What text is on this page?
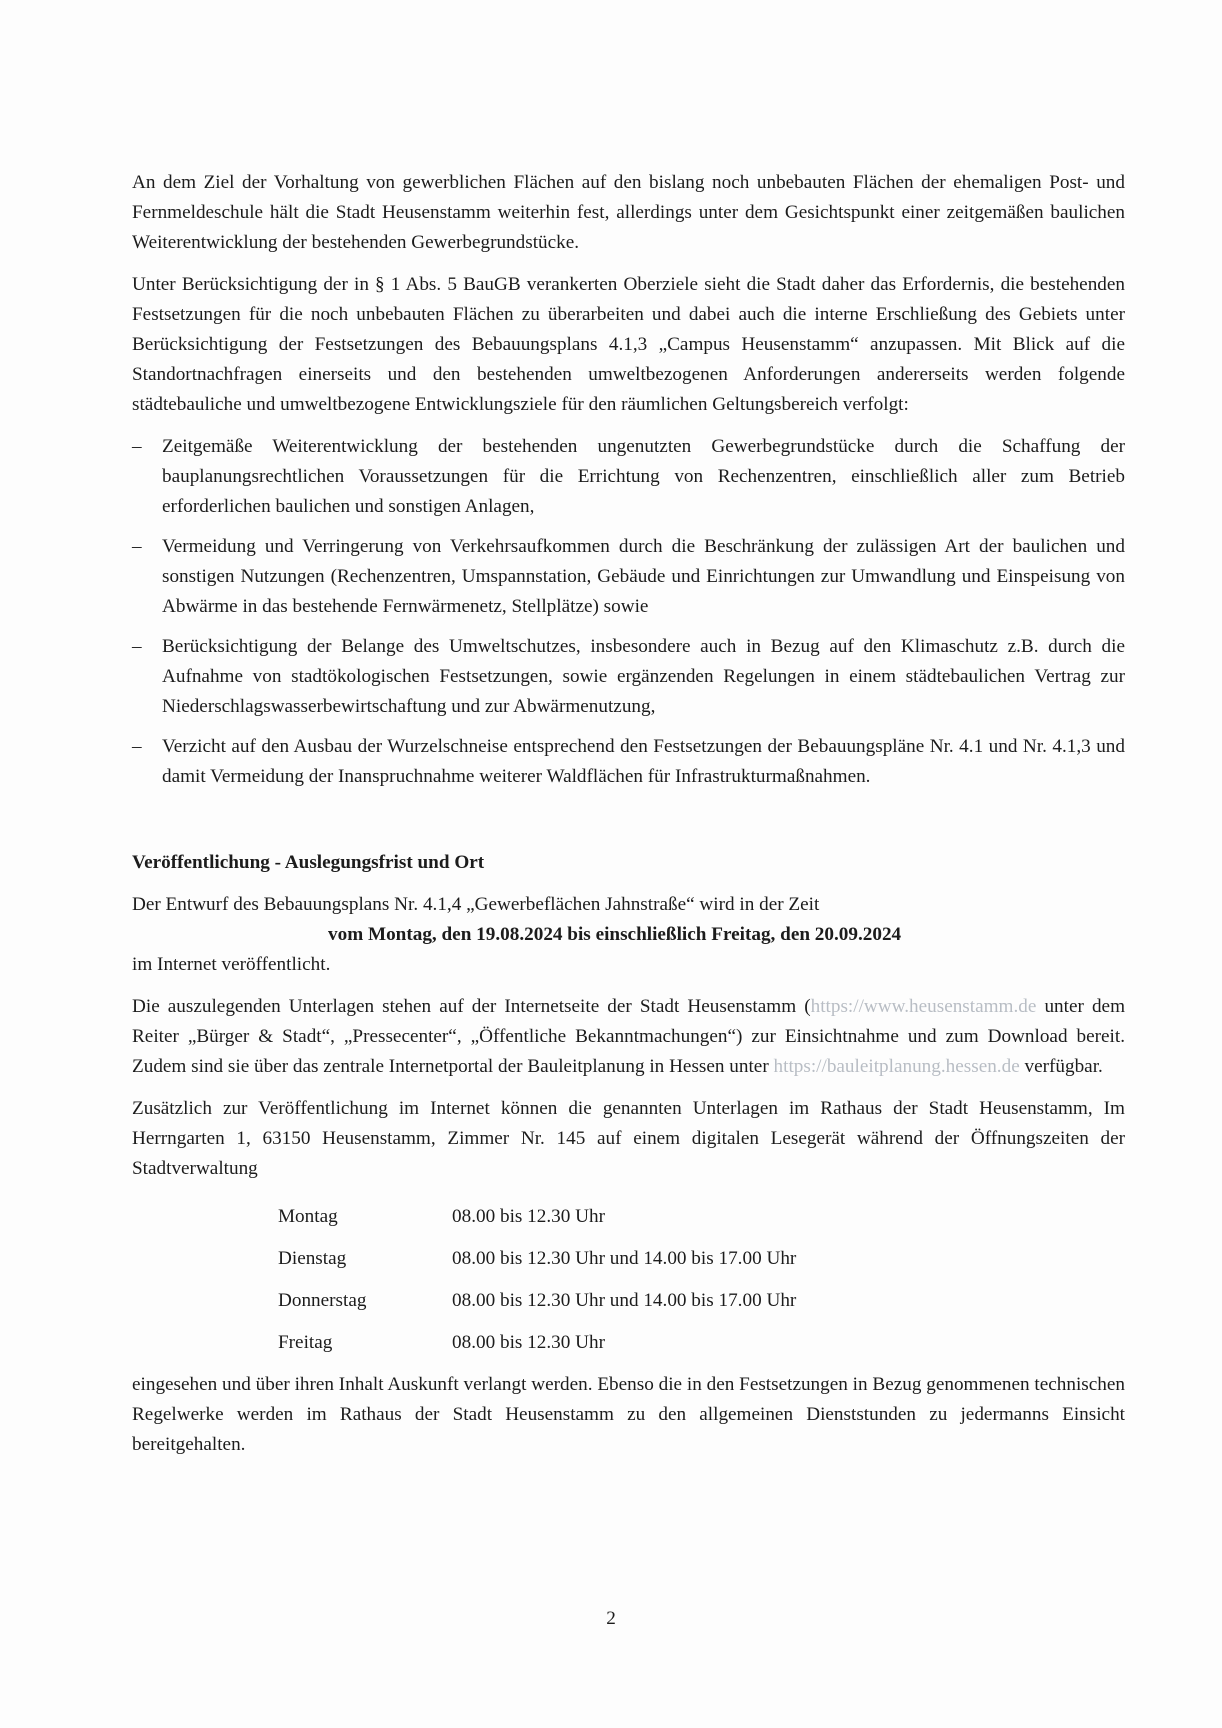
An dem Ziel der Vorhaltung von gewerblichen Flächen auf den bislang noch unbebauten Flächen der ehemaligen Post- und Fernmeldeschule hält die Stadt Heusenstamm weiterhin fest, allerdings unter dem Gesichtspunkt einer zeitgemäßen baulichen Weiterentwicklung der bestehenden Gewerbegrundstücke.

Unter Berücksichtigung der in § 1 Abs. 5 BauGB verankerten Oberziele sieht die Stadt daher das Erfordernis, die bestehenden Festsetzungen für die noch unbebauten Flächen zu überarbeiten und dabei auch die interne Erschließung des Gebiets unter Berücksichtigung der Festsetzungen des Bebauungsplans 4.1,3 „Campus Heusenstamm“ anzupassen. Mit Blick auf die Standortnachfragen einerseits und den bestehenden umweltbezogenen Anforderungen andererseits werden folgende städtebauliche und umweltbezogene Entwicklungsziele für den räumlichen Geltungsbereich verfolgt:

– Zeitgemäße Weiterentwicklung der bestehenden ungenutzten Gewerbegrundstücke durch die Schaffung der bauplanungsrechtlichen Voraussetzungen für die Errichtung von Rechenzentren, einschließlich aller zum Betrieb erforderlichen baulichen und sonstigen Anlagen,
– Vermeidung und Verringerung von Verkehrsaufkommen durch die Beschränkung der zulässigen Art der baulichen und sonstigen Nutzungen (Rechenzentren, Umspannstation, Gebäude und Einrichtungen zur Umwandlung und Einspeisung von Abwärme in das bestehende Fernwärmenetz, Stellplätze) sowie
– Berücksichtigung der Belange des Umweltschutzes, insbesondere auch in Bezug auf den Klimaschutz z.B. durch die Aufnahme von stadtökologischen Festsetzungen, sowie ergänzenden Regelungen in einem städtebaulichen Vertrag zur Niederschlagswasserbewirtschaftung und zur Abwärmenutzung,
– Verzicht auf den Ausbau der Wurzelschneise entsprechend den Festsetzungen der Bebauungspläne Nr. 4.1 und Nr. 4.1,3 und damit Vermeidung der Inanspruchnahme weiterer Waldflächen für Infrastrukturmaßnahmen.

Veröffentlichung - Auslegungsfrist und Ort

Der Entwurf des Bebauungsplans Nr. 4.1,4 „Gewerbeflächen Jahnstraße“ wird in der Zeit

vom Montag, den 19.08.2024 bis einschließlich Freitag, den 20.09.2024

im Internet veröffentlicht.

Die auszulegenden Unterlagen stehen auf der Internetseite der Stadt Heusenstamm (https://www.heusenstamm.de unter dem Reiter „Bürger & Stadt“, „Pressecenter“, „Öffentliche Bekanntmachungen“) zur Einsichtnahme und zum Download bereit. Zudem sind sie über das zentrale Internetportal der Bauleitplanung in Hessen unter https://bauleitplanung.hessen.de verfügbar.

Zusätzlich zur Veröffentlichung im Internet können die genannten Unterlagen im Rathaus der Stadt Heusenstamm, Im Herrngarten 1, 63150 Heusenstamm, Zimmer Nr. 145 auf einem digitalen Lesegerät während der Öffnungszeiten der Stadtverwaltung

Montag	08.00 bis 12.30 Uhr
Dienstag	08.00 bis 12.30 Uhr und 14.00 bis 17.00 Uhr
Donnerstag	08.00 bis 12.30 Uhr und 14.00 bis 17.00 Uhr
Freitag	08.00 bis 12.30 Uhr

eingesehen und über ihren Inhalt Auskunft verlangt werden. Ebenso die in den Festsetzungen in Bezug genommenen technischen Regelwerke werden im Rathaus der Stadt Heusenstamm zu den allgemeinen Dienststunden zu jedermanns Einsicht bereitgehalten.

2
